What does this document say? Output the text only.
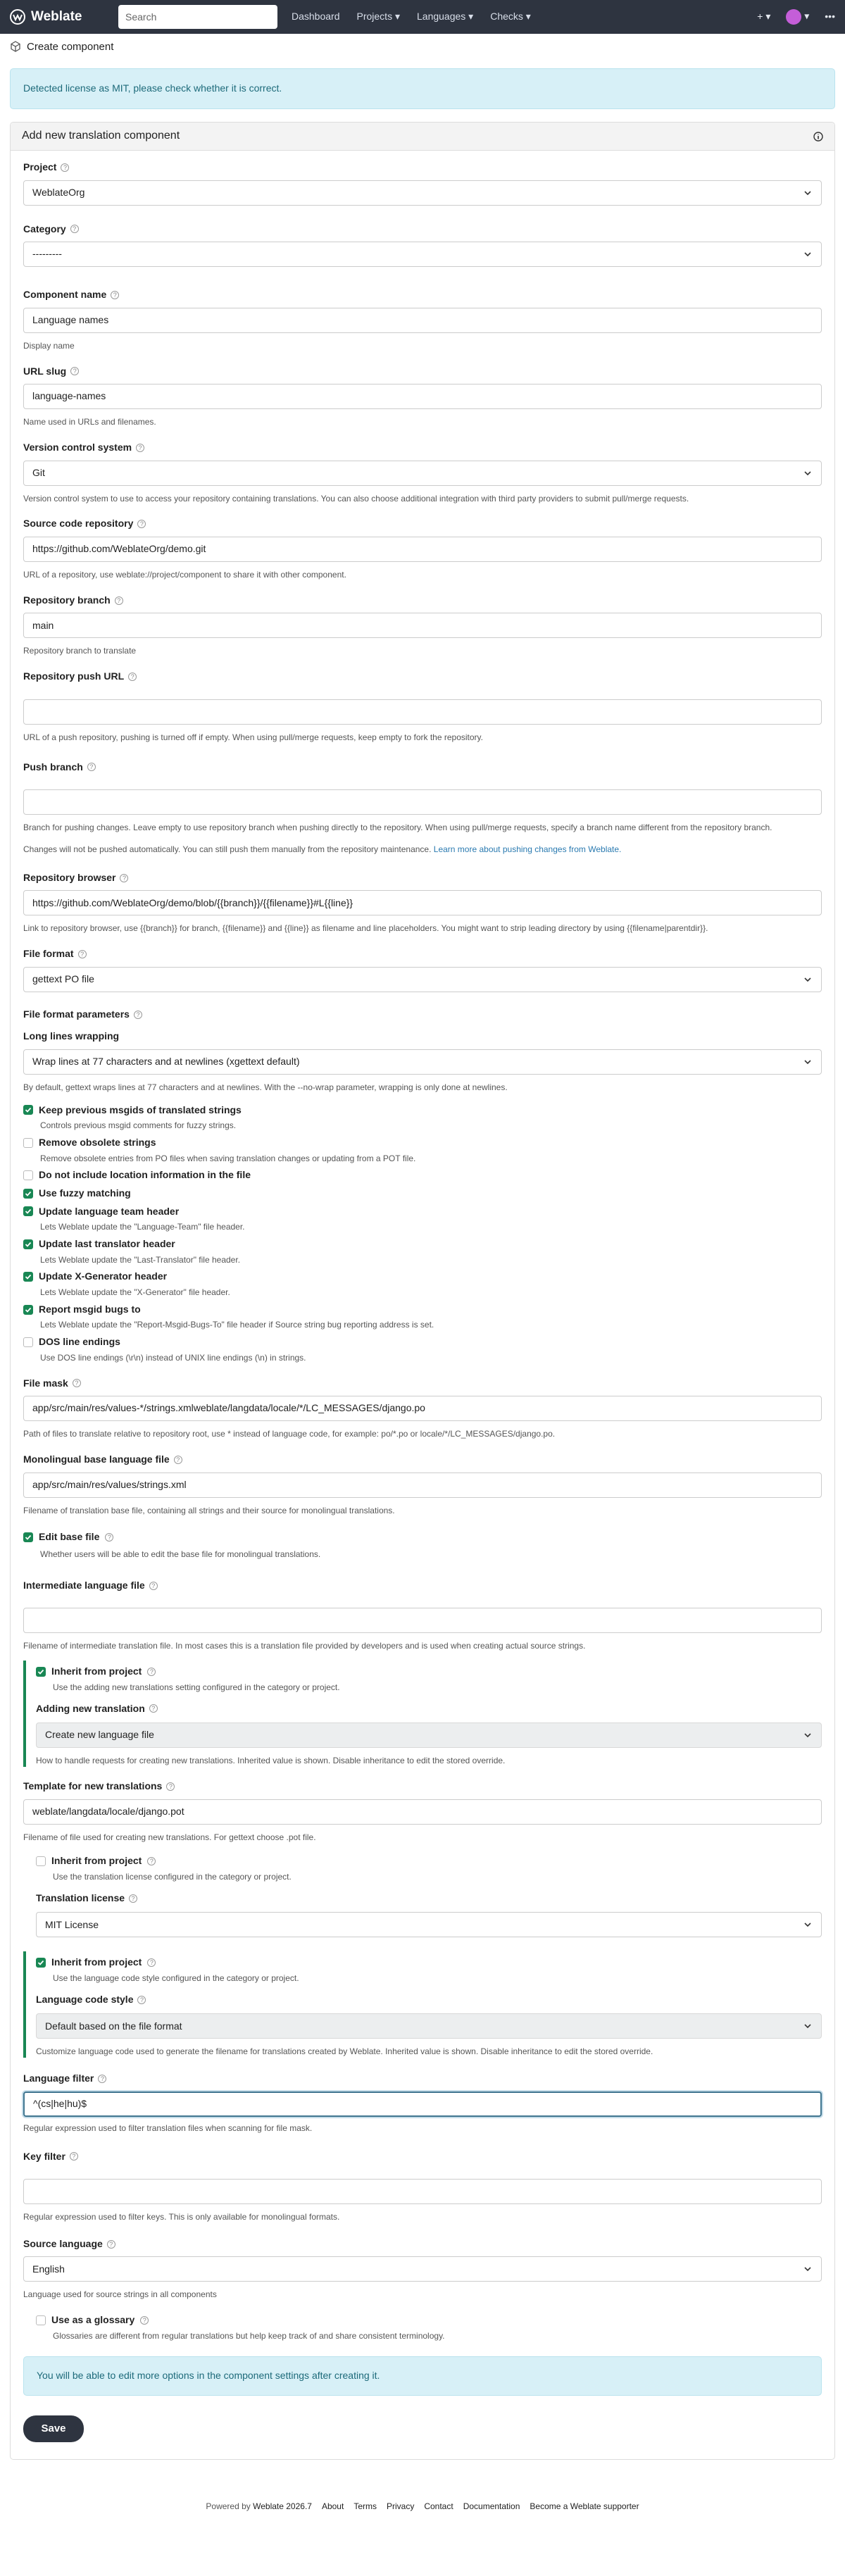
Weblate
Search	Dashboard Projects ▾ Languages ▾ Checks ▾	+ ▾	▾ •••
Create component
Detected license as MIT, please check whether it is correct.
Add new translation component
Project	?
WeblateOrg
Category	?
---------
Component name	?
Language names
Display name
URL slug	?
language-names
Name used in URLs and filenames.
Version control system	?
Git
Version control system to use to access your repository containing translations. You can also choose additional integration with third party providers to submit pull/merge requests.
Source code repository	?
https://github.com/WeblateOrg/demo.git
URL of a repository, use weblate://project/component to share it with other component.
Repository branch	?
main
Repository branch to translate
Repository push URL	?
URL of a push repository, pushing is turned off if empty. When using pull/merge requests, keep empty to fork the repository.
Push branch	?
Branch for pushing changes. Leave empty to use repository branch when pushing directly to the repository. When using pull/merge requests, specify a branch name different from the repository branch.
Changes will not be pushed automatically. You can still push them manually from the repository maintenance. Learn more about pushing changes from Weblate.
Repository browser	?
https://github.com/WeblateOrg/demo/blob/{{branch}}/{{filename}}#L{{line}}
Link to repository browser, use {{branch}} for branch, {{filename}} and {{line}} as filename and line placeholders. You might want to strip leading directory by using {{filename|parentdir}}.
File format	?
gettext PO file
File format parameters	?
Long lines wrapping
Wrap lines at 77 characters and at newlines (xgettext default)
By default, gettext wraps lines at 77 characters and at newlines. With the --no-wrap parameter, wrapping is only done at newlines.
Keep previous msgids of translated strings
Controls previous msgid comments for fuzzy strings.
Remove obsolete strings
Remove obsolete entries from PO files when saving translation changes or updating from a POT file.
Do not include location information in the file
Use fuzzy matching
Update language team header
Lets Weblate update the "Language-Team" file header.
Update last translator header
Lets Weblate update the "Last-Translator" file header.
Update X-Generator header
Lets Weblate update the "X-Generator" file header.
Report msgid bugs to
Lets Weblate update the "Report-Msgid-Bugs-To" file header if Source string bug reporting address is set.
DOS line endings
Use DOS line endings (\r\n) instead of UNIX line endings (\n) in strings.
File mask	?
app/src/main/res/values-*/strings.xmlweblate/langdata/locale/*/LC_MESSAGES/django.po
Path of files to translate relative to repository root, use * instead of language code, for example: po/*.po or locale/*/LC_MESSAGES/django.po.
Monolingual base language file	?
app/src/main/res/values/strings.xml
Filename of translation base file, containing all strings and their source for monolingual translations.
Edit base file	?
Whether users will be able to edit the base file for monolingual translations.
Intermediate language file	?
Filename of intermediate translation file. In most cases this is a translation file provided by developers and is used when creating actual source strings.
Inherit from project	?
Use the adding new translations setting configured in the category or project.
Adding new translation	?
Create new language file
How to handle requests for creating new translations. Inherited value is shown. Disable inheritance to edit the stored override.
Template for new translations	?
weblate/langdata/locale/django.pot
Filename of file used for creating new translations. For gettext choose .pot file.
Inherit from project	?
Use the translation license configured in the category or project.
Translation license	?
MIT License
Inherit from project	?
Use the language code style configured in the category or project.
Language code style	?
Default based on the file format
Customize language code used to generate the filename for translations created by Weblate. Inherited value is shown. Disable inheritance to edit the stored override.
Language filter	?
^(cs|he|hu)$
Regular expression used to filter translation files when scanning for file mask.
Key filter	?
Regular expression used to filter keys. This is only available for monolingual formats.
Source language	?
English
Language used for source strings in all components
Use as a glossary	?
Glossaries are different from regular translations but help keep track of and share consistent terminology.
You will be able to edit more options in the component settings after creating it.
Save
Powered by Weblate 2026.7 About Terms Privacy Contact Documentation Become a Weblate supporter
